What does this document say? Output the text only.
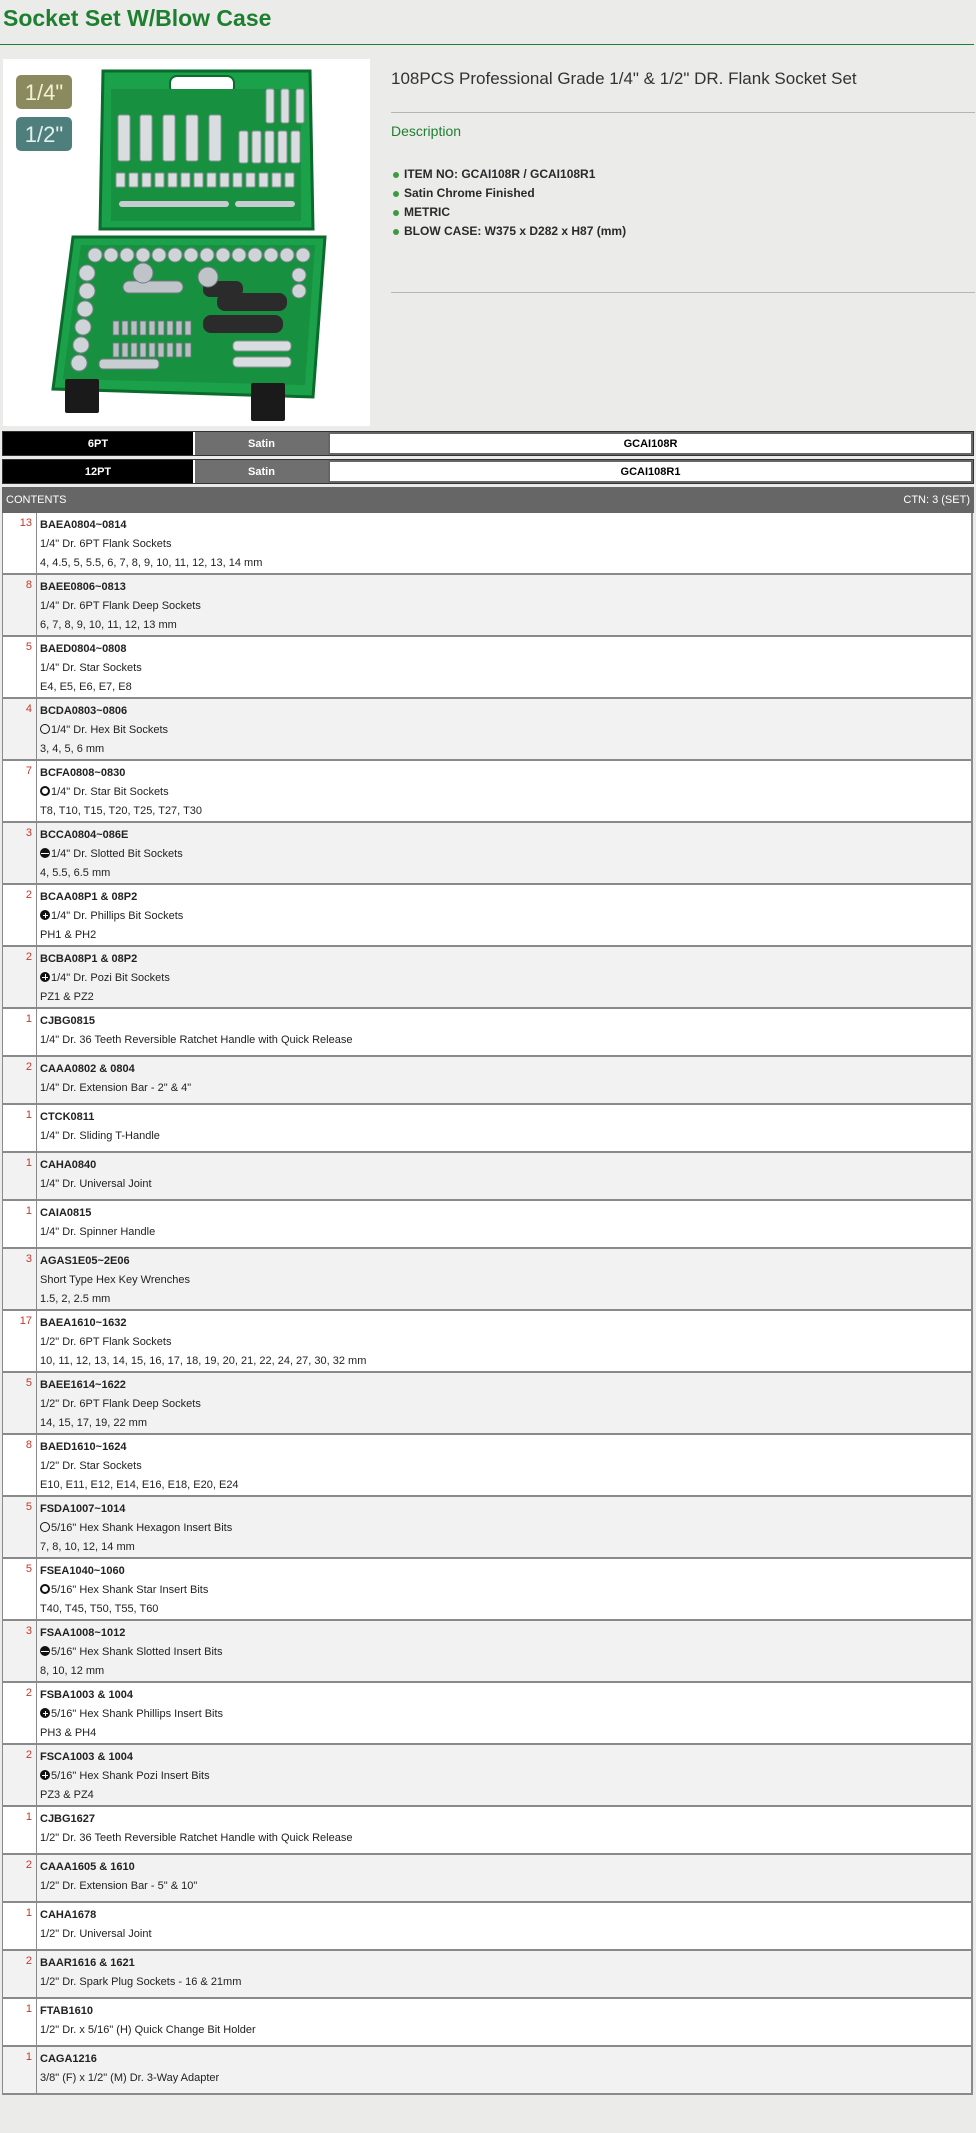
Socket Set W/Blow Case
1/4"
1/2"
108PCS Professional Grade 1/4" & 1/2" DR. Flank Socket Set
Description
ITEM NO: GCAI108R / GCAI108R1
Satin Chrome Finished
METRIC
BLOW CASE: W375 x D282 x H87 (mm)
6PT	Satin	GCAI108R
12PT	Satin	GCAI108R1
CONTENTS	CTN: 3 (SET)
13 BAEA0804~0814
1/4" Dr. 6PT Flank Sockets
4, 4.5, 5, 5.5, 6, 7, 8, 9, 10, 11, 12, 13, 14 mm
8 BAEE0806~0813
1/4" Dr. 6PT Flank Deep Sockets
6, 7, 8, 9, 10, 11, 12, 13 mm
5 BAED0804~0808
1/4" Dr. Star Sockets
E4, E5, E6, E7, E8
4 BCDA0803~0806
1/4" Dr. Hex Bit Sockets
3, 4, 5, 6 mm
7 BCFA0808~0830
1/4" Dr. Star Bit Sockets
T8, T10, T15, T20, T25, T27, T30
3 BCCA0804~086E
1/4" Dr. Slotted Bit Sockets
4, 5.5, 6.5 mm
2 BCAA08P1 & 08P2
1/4" Dr. Phillips Bit Sockets
PH1 & PH2
2 BCBA08P1 & 08P2
1/4" Dr. Pozi Bit Sockets
PZ1 & PZ2
1 CJBG0815
1/4" Dr. 36 Teeth Reversible Ratchet Handle with Quick Release
2 CAAA0802 & 0804
1/4" Dr. Extension Bar - 2" & 4"
1 CTCK0811
1/4" Dr. Sliding T-Handle
1 CAHA0840
1/4" Dr. Universal Joint
1 CAIA0815
1/4" Dr. Spinner Handle
3 AGAS1E05~2E06
Short Type Hex Key Wrenches
1.5, 2, 2.5 mm
17 BAEA1610~1632
1/2" Dr. 6PT Flank Sockets
10, 11, 12, 13, 14, 15, 16, 17, 18, 19, 20, 21, 22, 24, 27, 30, 32 mm
5 BAEE1614~1622
1/2" Dr. 6PT Flank Deep Sockets
14, 15, 17, 19, 22 mm
8 BAED1610~1624
1/2" Dr. Star Sockets
E10, E11, E12, E14, E16, E18, E20, E24
5 FSDA1007~1014
5/16" Hex Shank Hexagon Insert Bits
7, 8, 10, 12, 14 mm
5 FSEA1040~1060
5/16" Hex Shank Star Insert Bits
T40, T45, T50, T55, T60
3 FSAA1008~1012
5/16" Hex Shank Slotted Insert Bits
8, 10, 12 mm
2 FSBA1003 & 1004
5/16" Hex Shank Phillips Insert Bits
PH3 & PH4
2 FSCA1003 & 1004
5/16" Hex Shank Pozi Insert Bits
PZ3 & PZ4
1 CJBG1627
1/2" Dr. 36 Teeth Reversible Ratchet Handle with Quick Release
2 CAAA1605 & 1610
1/2" Dr. Extension Bar - 5" & 10"
1 CAHA1678
1/2" Dr. Universal Joint
2 BAAR1616 & 1621
1/2" Dr. Spark Plug Sockets - 16 & 21mm
1 FTAB1610
1/2" Dr. x 5/16" (H) Quick Change Bit Holder
1 CAGA1216
3/8" (F) x 1/2" (M) Dr. 3-Way Adapter
